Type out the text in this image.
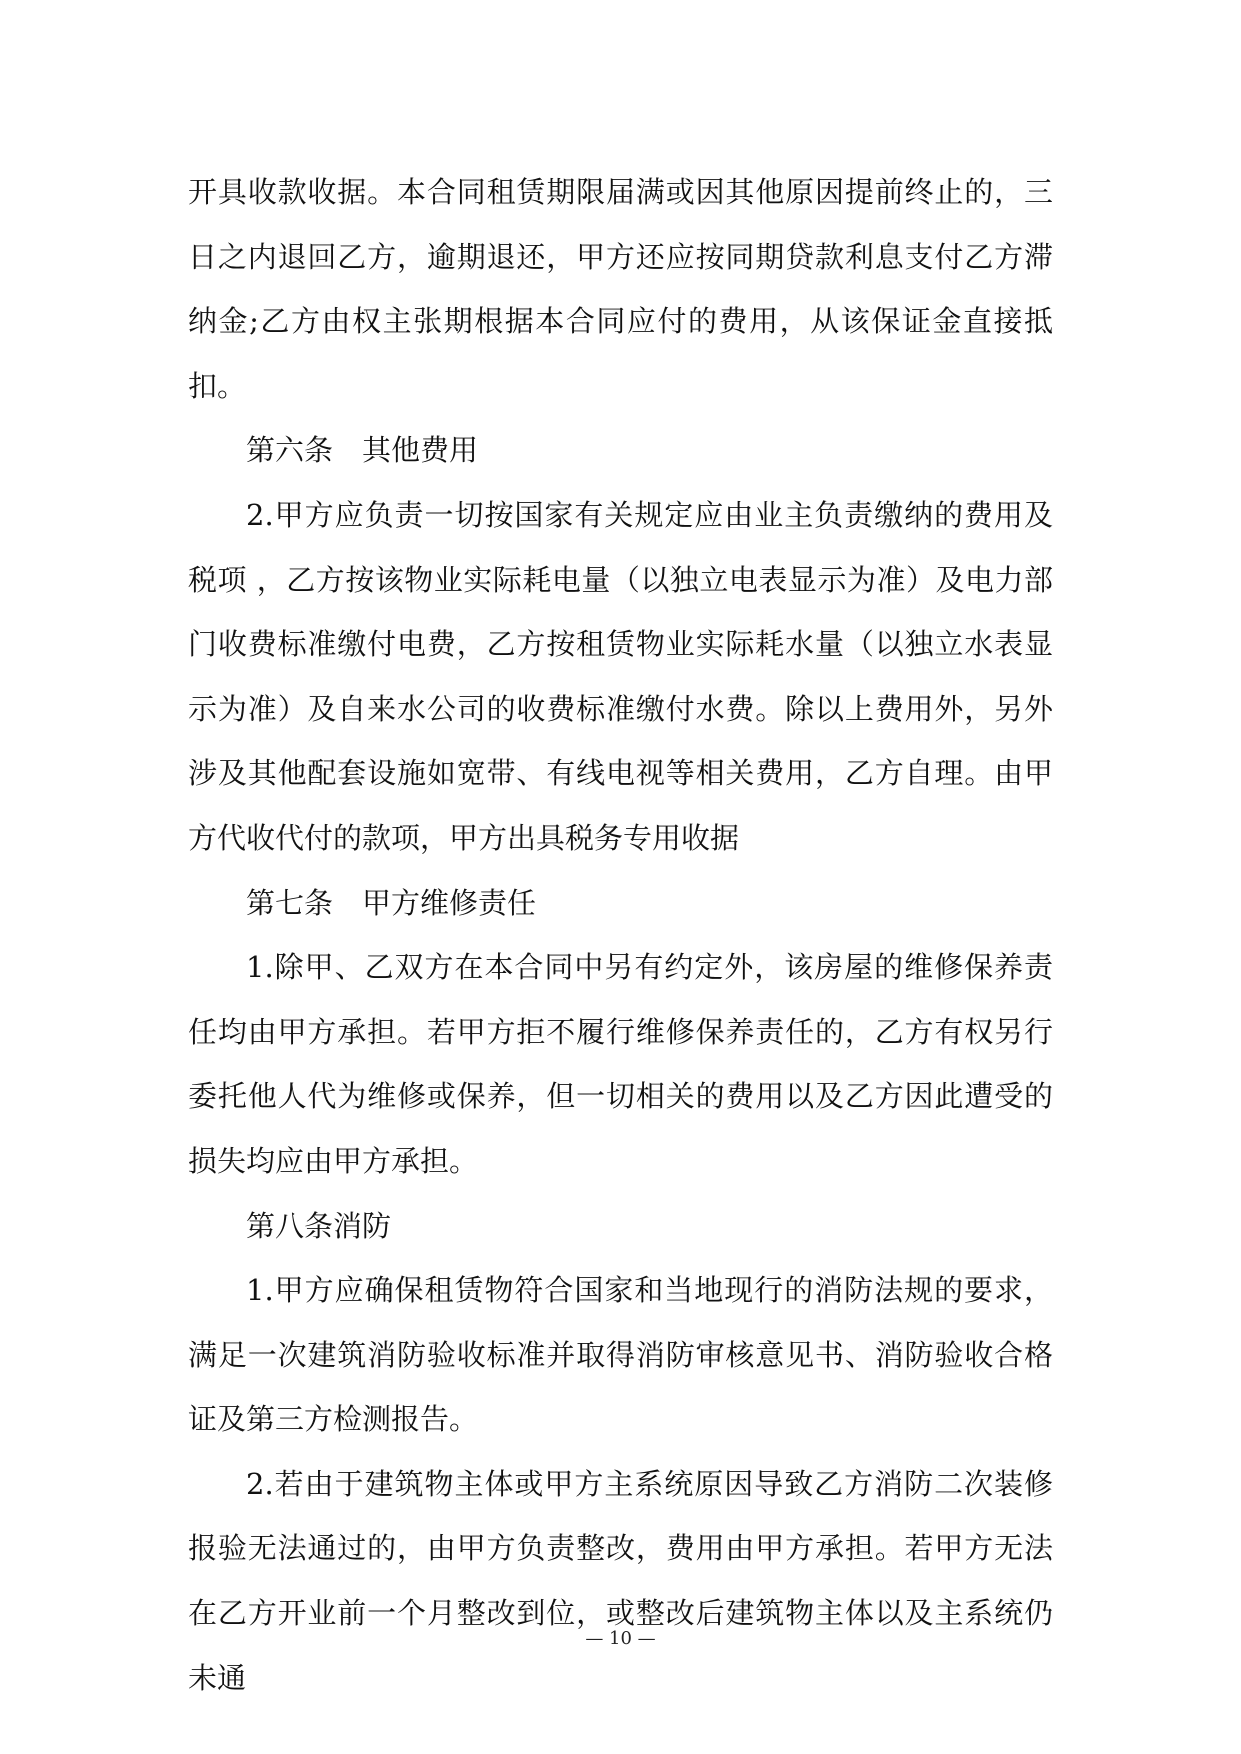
开具收款收据。本合同租赁期限届满或因其他原因提前终止的，三日之内退回乙方，逾期退还，甲方还应按同期贷款利息支付乙方滞纳金;乙方由权主张期根据本合同应付的费用，从该保证金直接抵扣。

第六条　其他费用

2.甲方应负责一切按国家有关规定应由业主负责缴纳的费用及税项 ，乙方按该物业实际耗电量（以独立电表显示为准）及电力部门收费标准缴付电费，乙方按租赁物业实际耗水量（以独立水表显示为准）及自来水公司的收费标准缴付水费。除以上费用外，另外涉及其他配套设施如宽带、有线电视等相关费用，乙方自理。由甲方代收代付的款项，甲方出具税务专用收据

第七条　甲方维修责任

1.除甲、乙双方在本合同中另有约定外，该房屋的维修保养责任均由甲方承担。若甲方拒不履行维修保养责任的，乙方有权另行委托他人代为维修或保养，但一切相关的费用以及乙方因此遭受的损失均应由甲方承担。

第八条消防

1.甲方应确保租赁物符合国家和当地现行的消防法规的要求，满足一次建筑消防验收标准并取得消防审核意见书、消防验收合格证及第三方检测报告。

2.若由于建筑物主体或甲方主系统原因导致乙方消防二次装修报验无法通过的，由甲方负责整改，费用由甲方承担。若甲方无法在乙方开业前一个月整改到位，或整改后建筑物主体以及主系统仍未通

— 10 —
